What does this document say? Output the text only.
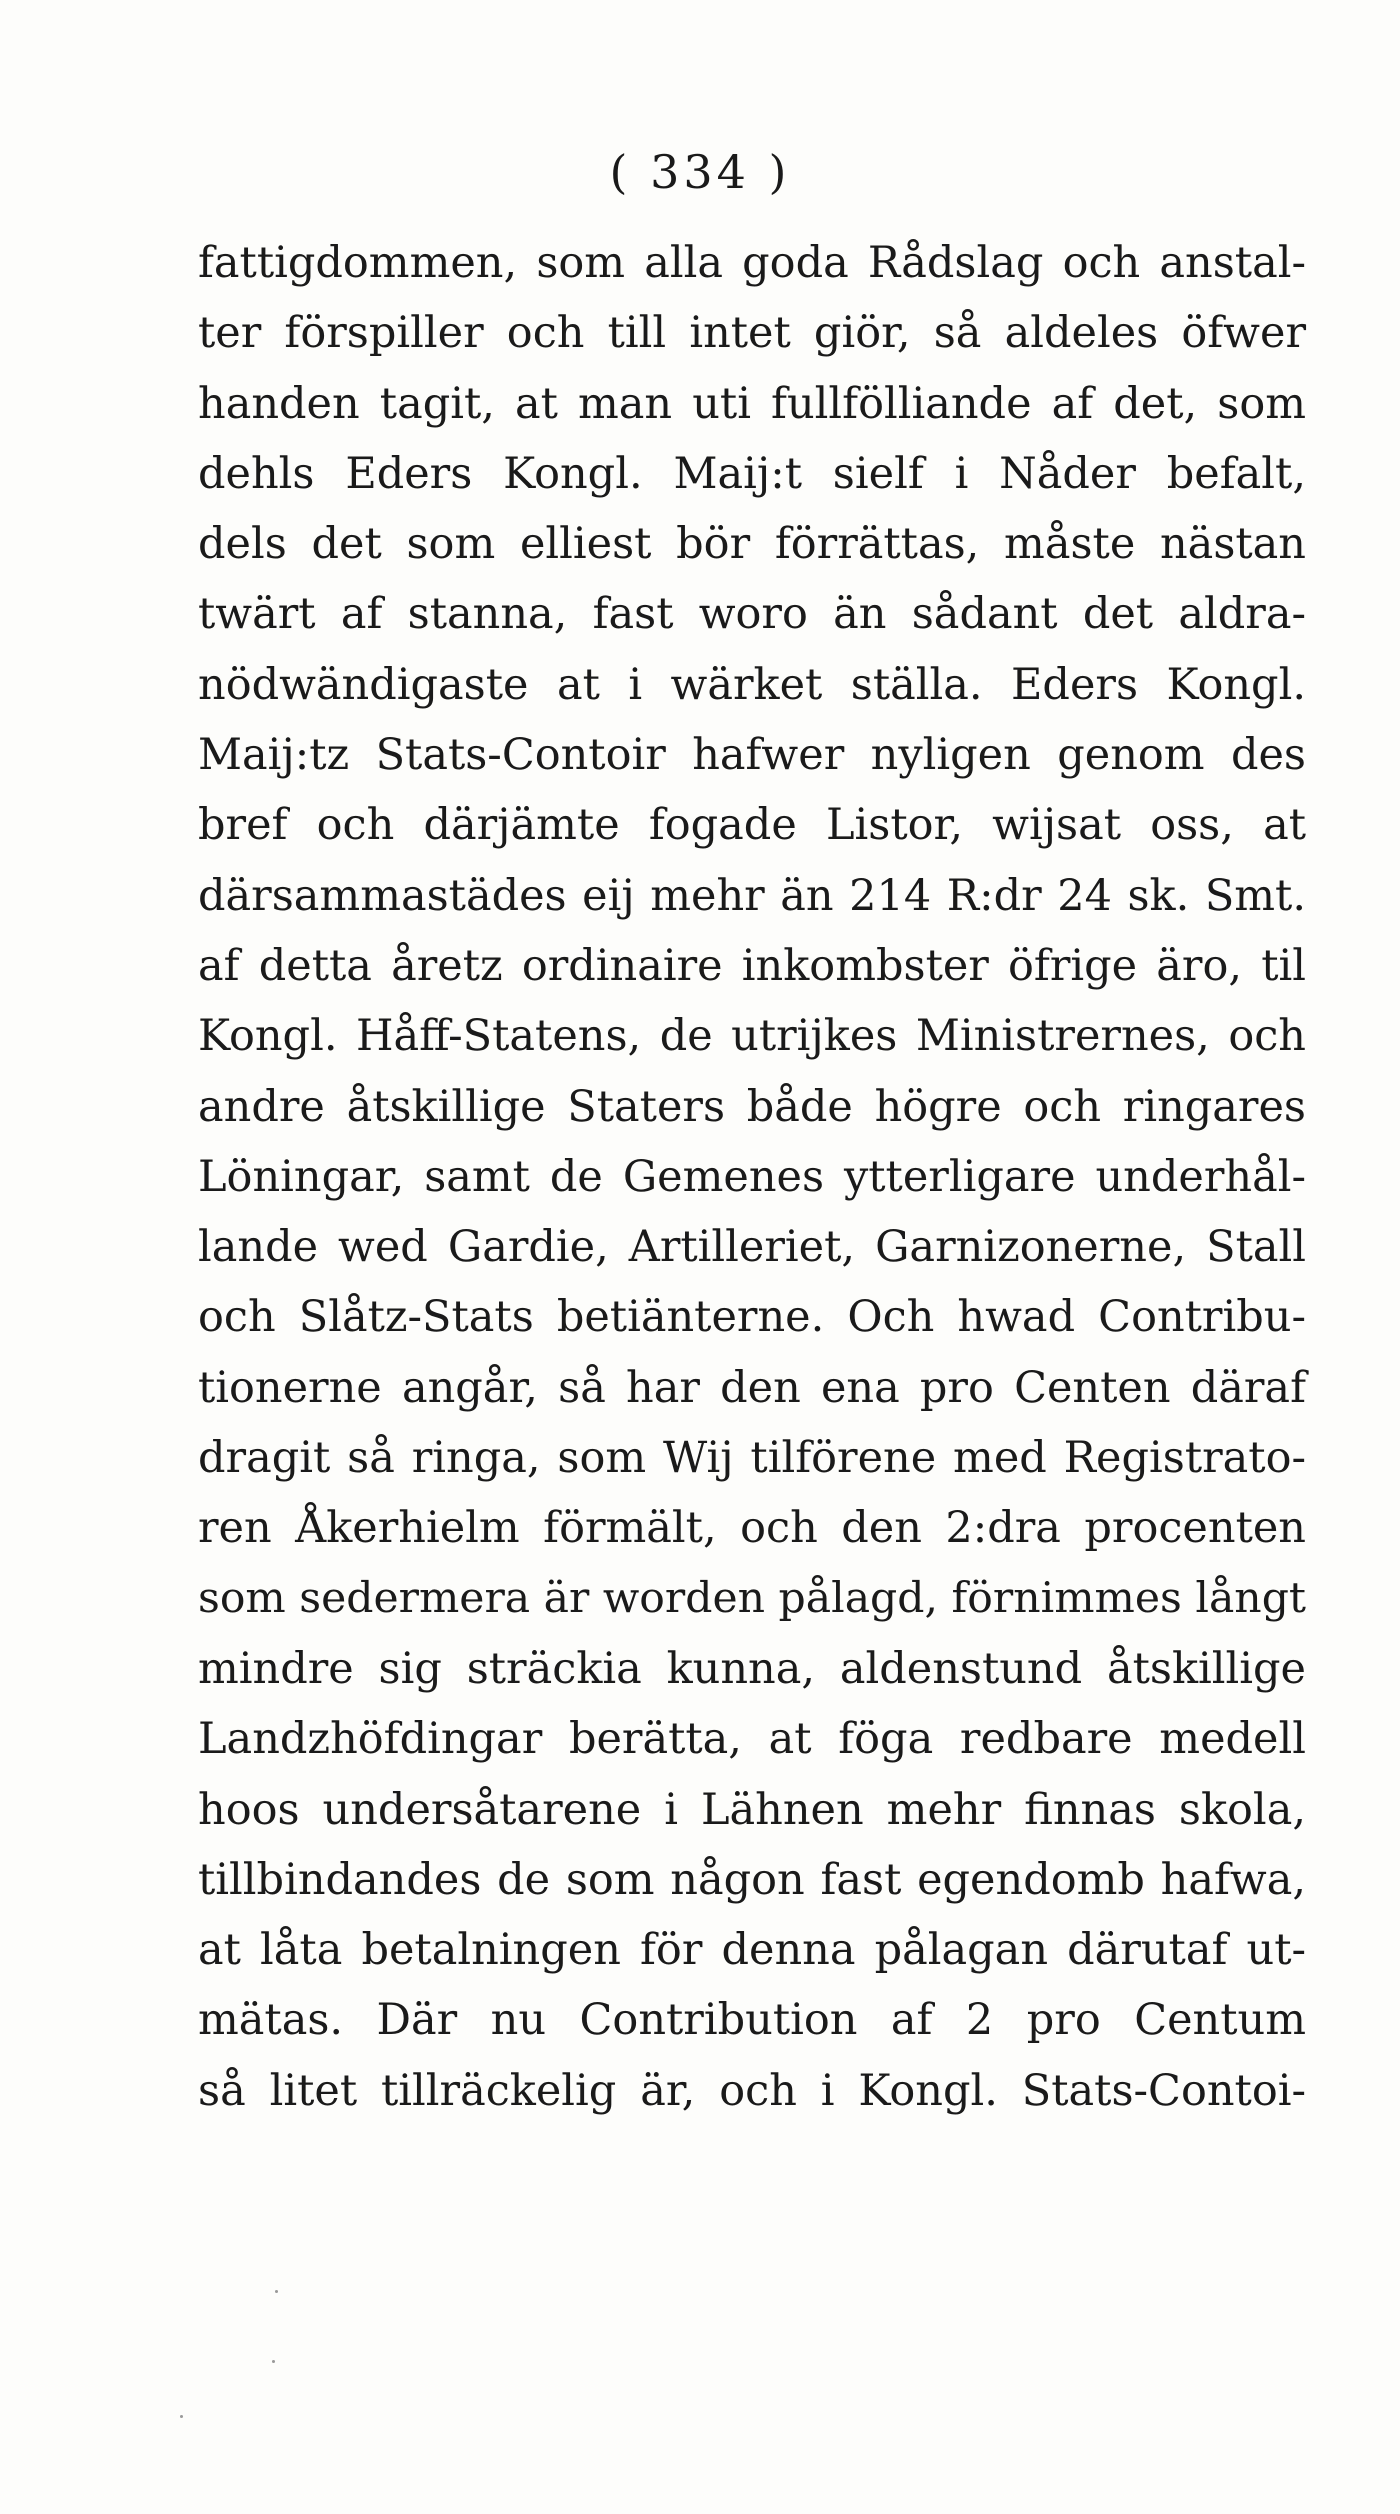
( 334 )
fattigdommen, som alla goda Rådslag och anstal-
ter förspiller och till intet giör, så aldeles öfwer
handen tagit, at man uti fullfölliande af det, som
dehls Eders Kongl. Maij:t sielf i Nåder befalt,
dels det som elliest bör förrättas, måste nästan
twärt af stanna, fast woro än sådant det aldra-
nödwändigaste at i wärket ställa. Eders Kongl.
Maij:tz Stats-Contoir hafwer nyligen genom des
bref och därjämte fogade Listor, wijsat oss, at
därsammastädes eij mehr än 214 R:dr 24 sk. Smt.
af detta åretz ordinaire inkombster öfrige äro, til
Kongl. Håff-Statens, de utrijkes Ministrernes, och
andre åtskillige Staters både högre och ringares
Löningar, samt de Gemenes ytterligare underhål-
lande wed Gardie, Artilleriet, Garnizonerne, Stall
och Slåtz-Stats betiänterne. Och hwad Contribu-
tionerne angår, så har den ena pro Centen däraf
dragit så ringa, som Wij tilförene med Registrato-
ren Åkerhielm förmält, och den 2:dra procenten
som sedermera är worden pålagd, förnimmes långt
mindre sig sträckia kunna, aldenstund åtskillige
Landzhöfdingar berätta, at föga redbare medell
hoos undersåtarene i Lähnen mehr finnas skola,
tillbindandes de som någon fast egendomb hafwa,
at låta betalningen för denna pålagan därutaf ut-
mätas. Där nu Contribution af 2 pro Centum
så litet tillräckelig är, och i Kongl. Stats-Contoi-
